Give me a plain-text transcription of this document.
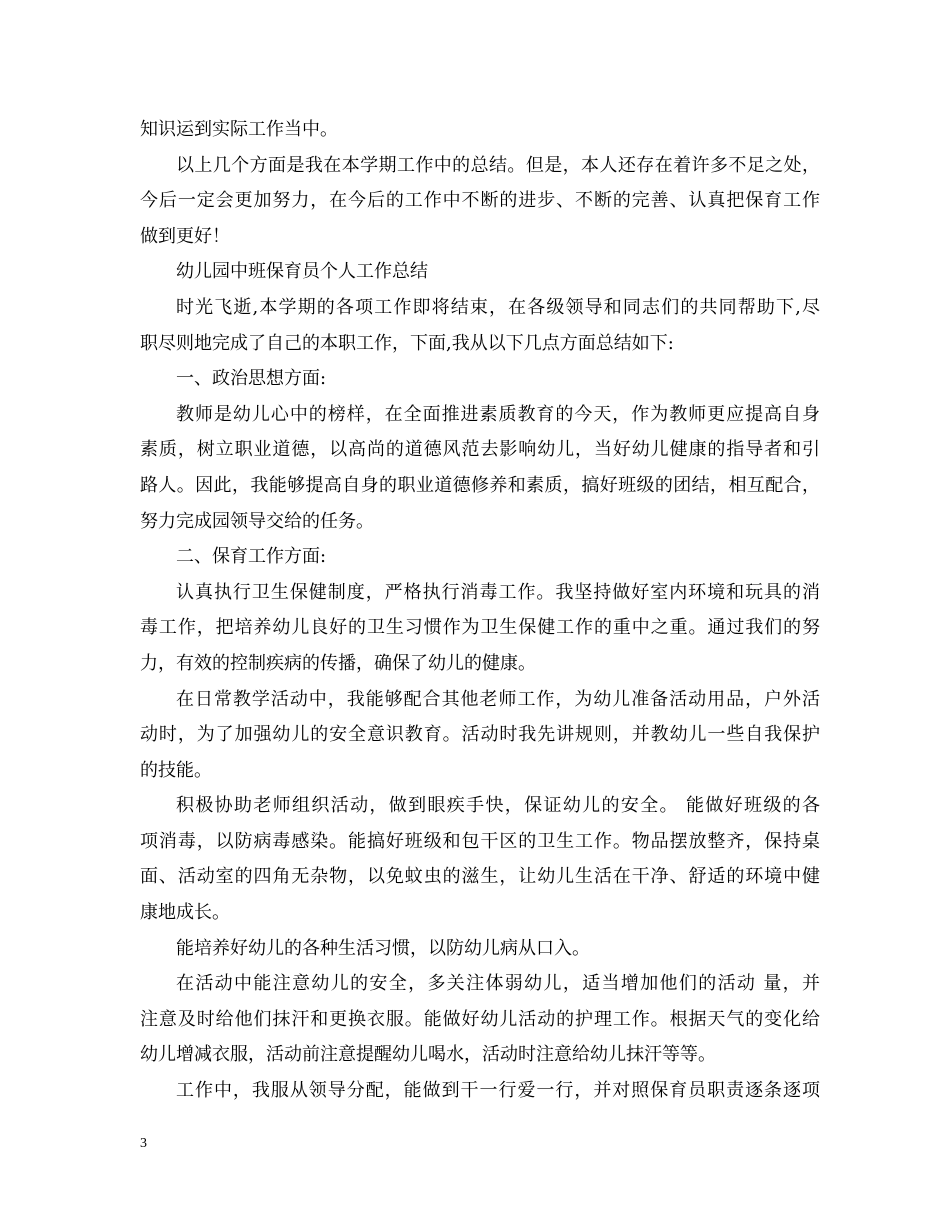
知识运到实际工作当中。
以上几个方面是我在本学期工作中的总结。但是，本人还存在着许多不足之处，
今后一定会更加努力，在今后的工作中不断的进步、不断的完善、认真把保育工作
做到更好！
幼儿园中班保育员个人工作总结
时光飞逝,本学期的各项工作即将结束，在各级领导和同志们的共同帮助下,尽
职尽则地完成了自己的本职工作，下面,我从以下几点方面总结如下:
一、政治思想方面:
教师是幼儿心中的榜样，在全面推进素质教育的今天，作为教师更应提高自身
素质，树立职业道德，以高尚的道德风范去影响幼儿，当好幼儿健康的指导者和引
路人。因此，我能够提高自身的职业道德修养和素质，搞好班级的团结，相互配合，
努力完成园领导交给的任务。
二、保育工作方面:
认真执行卫生保健制度，严格执行消毒工作。我坚持做好室内环境和玩具的消
毒工作，把培养幼儿良好的卫生习惯作为卫生保健工作的重中之重。通过我们的努
力，有效的控制疾病的传播，确保了幼儿的健康。
在日常教学活动中，我能够配合其他老师工作，为幼儿准备活动用品，户外活
动时，为了加强幼儿的安全意识教育。活动时我先讲规则，并教幼儿一些自我保护
的技能。
积极协助老师组织活动，做到眼疾手快，保证幼儿的安全。 能做好班级的各
项消毒，以防病毒感染。能搞好班级和包干区的卫生工作。物品摆放整齐，保持桌
面、活动室的四角无杂物，以免蚊虫的滋生，让幼儿生活在干净、舒适的环境中健
康地成长。
能培养好幼儿的各种生活习惯，以防幼儿病从口入。
在活动中能注意幼儿的安全，多关注体弱幼儿，适当增加他们的活动 量，并
注意及时给他们抹汗和更换衣服。能做好幼儿活动的护理工作。根据天气的变化给
幼儿增减衣服，活动前注意提醒幼儿喝水，活动时注意给幼儿抹汗等等。
工作中，我服从领导分配，能做到干一行爱一行，并对照保育员职责逐条逐项
3
